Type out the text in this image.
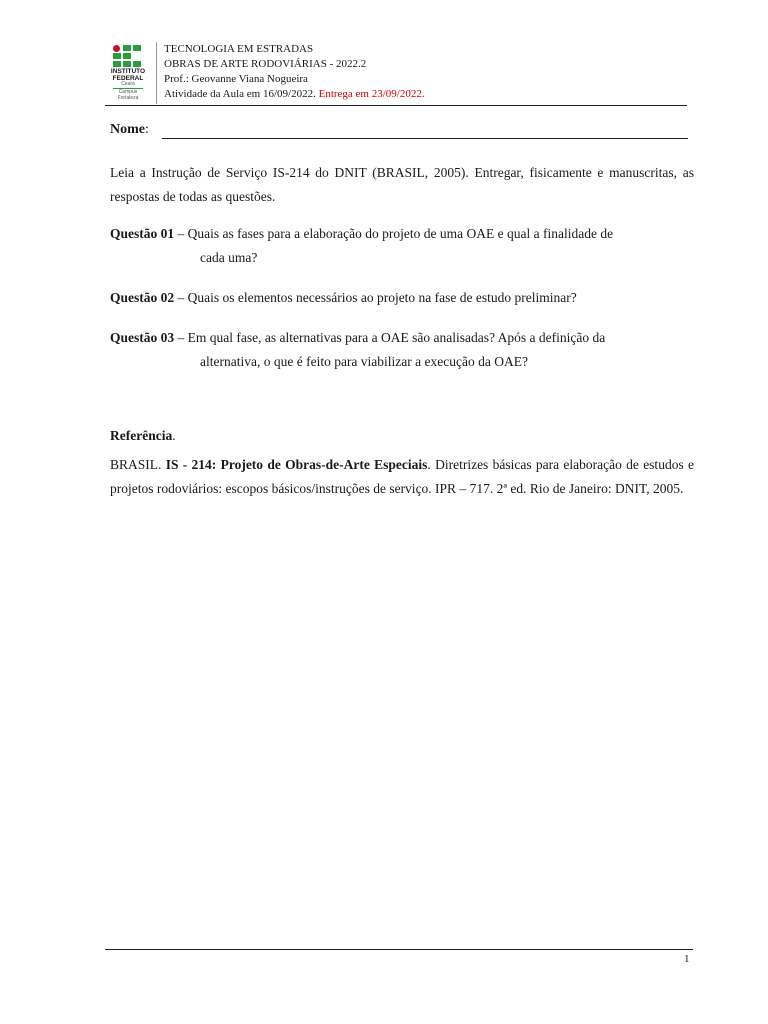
INSTITUTO
FEDERAL
Ceará
Campus
Fortaleza
TECNOLOGIA EM ESTRADAS
OBRAS DE ARTE RODOVIÁRIAS - 2022.2
Prof.: Geovanne Viana Nogueira
Atividade da Aula em 16/09/2022. Entrega em 23/09/2022.
Nome:
Leia a Instrução de Serviço IS-214 do DNIT (BRASIL, 2005). Entregar, fisicamente e manuscritas, as respostas de todas as questões.
Questão 01 – Quais as fases para a elaboração do projeto de uma OAE e qual a finalidade de
cada uma?
Questão 02 – Quais os elementos necessários ao projeto na fase de estudo preliminar?
Questão 03 – Em qual fase, as alternativas para a OAE são analisadas? Após a definição da
alternativa, o que é feito para viabilizar a execução da OAE?
Referência.
BRASIL. IS - 214: Projeto de Obras-de-Arte Especiais. Diretrizes básicas para elaboração de estudos e projetos rodoviários: escopos básicos/instruções de serviço. IPR – 717. 2ª ed. Rio de Janeiro: DNIT, 2005.
1
